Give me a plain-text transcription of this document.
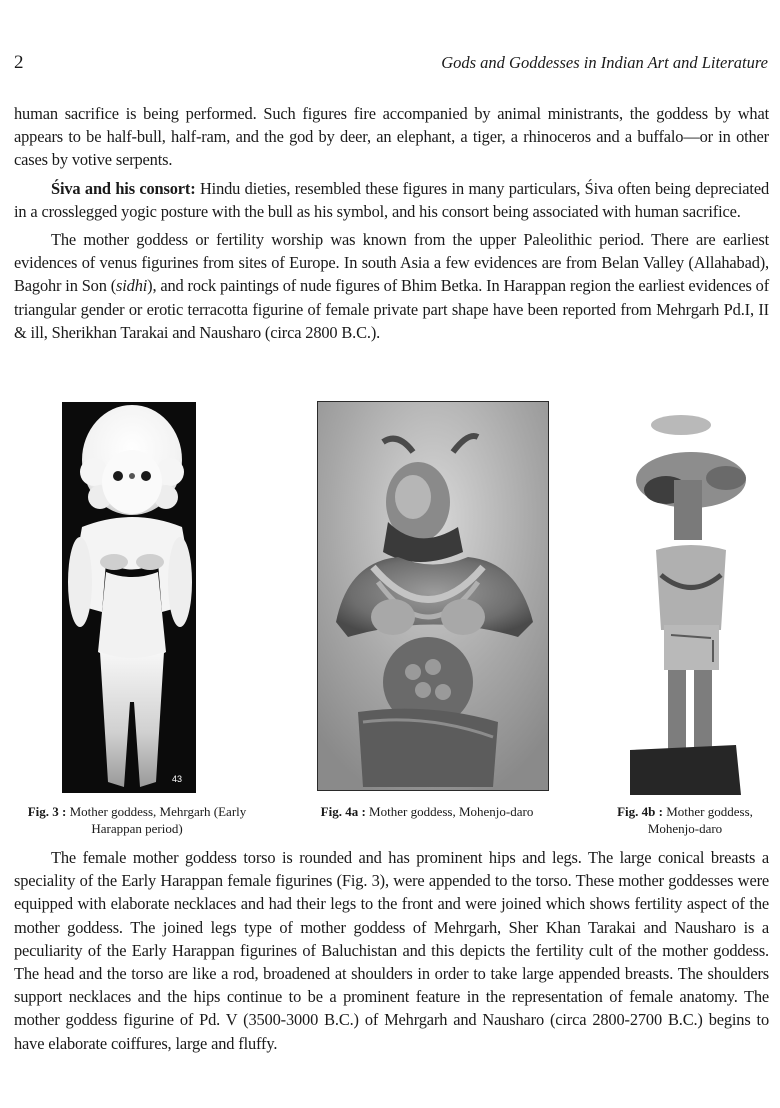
2	Gods and Goddesses in Indian Art and Literature

human sacrifice is being performed. Such figures fire accompanied by animal ministrants, the goddess by what appears to be half-bull, half-ram, and the god by deer, an elephant, a tiger, a rhinoceros and a buffalo—or in other cases by votive serpents.

Śiva and his consort: Hindu dieties, resembled these figures in many particulars, Śiva often being depreciated in a crosslegged yogic posture with the bull as his symbol, and his consort being associated with human sacrifice.

The mother goddess or fertility worship was known from the upper Paleolithic period. There are earliest evidences of venus figurines from sites of Europe. In south Asia a few evidences are from Belan Valley (Allahabad), Bagohr in Son (sidhi), and rock paintings of nude figures of Bhim Betka. In Harappan region the earliest evidences of triangular gender or erotic terracotta figurine of female private part shape have been reported from Mehrgarh Pd.I, II & ill, Sherikhan Tarakai and Nausharo (circa 2800 B.C.).

43
Fig. 3 : Mother goddess, Mehrgarh (Early Harappan period)
Fig. 4a : Mother goddess, Mohenjo-daro	Fig. 4b : Mother goddess, Mohenjo-daro

The female mother goddess torso is rounded and has prominent hips and legs. The large conical breasts a speciality of the Early Harappan female figurines (Fig. 3), were appended to the torso. These mother goddesses were equipped with elaborate necklaces and had their legs to the front and were joined which shows fertility aspect of the mother goddess. The joined legs type of mother goddess of Mehrgarh, Sher Khan Tarakai and Nausharo is a peculiarity of the Early Harappan figurines of Baluchistan and this depicts the fertility cult of the mother goddess. The head and the torso are like a rod, broadened at shoulders in order to take large appended breasts. The shoulders support necklaces and the hips continue to be a prominent feature in the representation of female anatomy. The mother goddess figurine of Pd. V (3500-3000 B.C.) of Mehrgarh and Nausharo (circa 2800-2700 B.C.) begins to have elaborate coiffures, large and fluffy.
